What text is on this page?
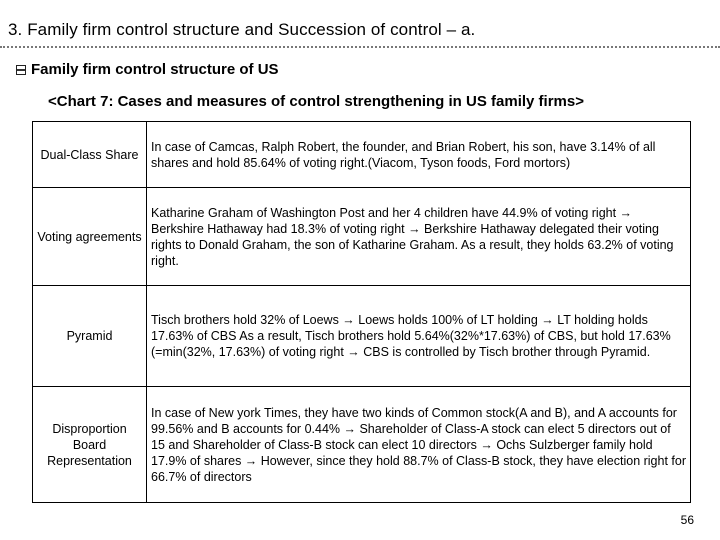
3. Family firm control structure and Succession of control – a.
Family firm control structure of US
<Chart 7: Cases and measures of control strengthening in US family firms>
Dual-Class Share	In case of Camcas, Ralph Robert, the founder, and Brian Robert, his son, have 3.14% of all shares and hold 85.64% of voting right.(Viacom, Tyson foods, Ford mortors)
Voting agreements	Katharine Graham of Washington Post and her 4 children have 44.9% of voting right → Berkshire Hathaway had 18.3% of voting right → Berkshire Hathaway delegated their voting rights to Donald Graham, the son of Katharine Graham. As a result, they holds 63.2% of voting right.
Pyramid	Tisch brothers hold 32% of Loews → Loews holds 100% of LT holding → LT holding holds 17.63% of CBS As a result, Tisch brothers hold 5.64%(32%*17.63%) of CBS, but hold 17.63%(=min(32%, 17.63%) of voting right → CBS is controlled by Tisch brother through Pyramid.
Disproportion Board Representation	In case of New york Times, they have two kinds of Common stock(A and B), and A accounts for 99.56% and B accounts for 0.44% → Shareholder of Class-A stock can elect 5 directors out of 15 and Shareholder of Class-B stock can elect 10 directors → Ochs Sulzberger family hold 17.9% of shares → However, since they hold 88.7% of Class-B stock, they have election right for 66.7% of directors
56
